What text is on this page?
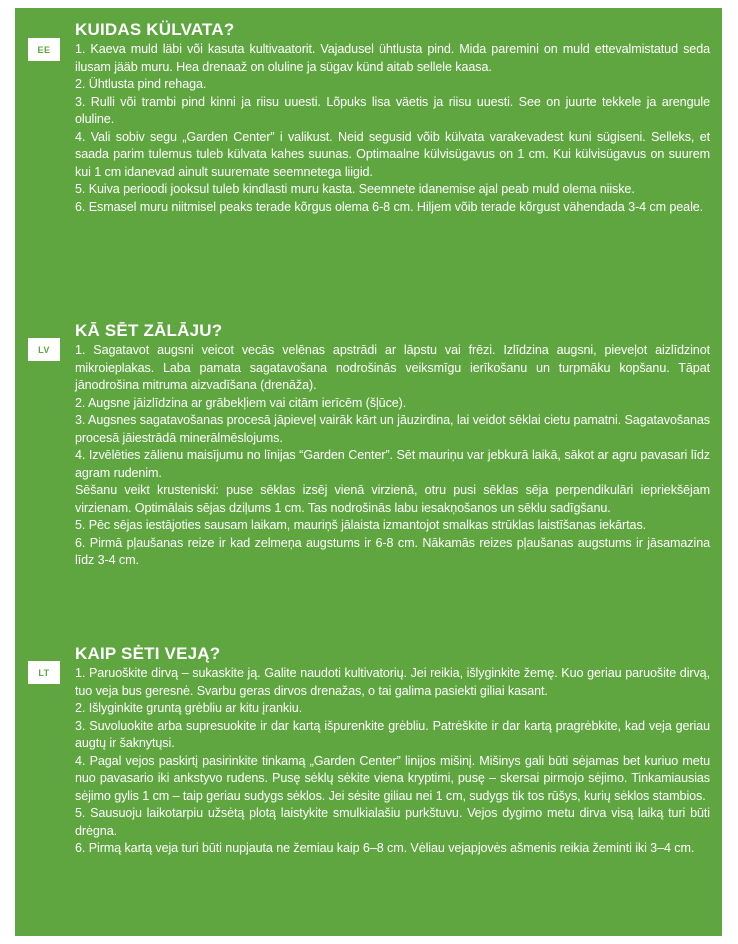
EE
KUIDAS KÜLVATA?

1. Kaeva muld läbi või kasuta kultivaatorit. Vajadusel ühtlusta pind. Mida paremini on muld ettevalmistatud seda ilusam jääb muru. Hea drenaaž on oluline ja sügav künd aitab sellele kaasa.

2. Ühtlusta pind rehaga.

3. Rulli või trambi pind kinni ja riisu uuesti. Lõpuks lisa väetis ja riisu uuesti. See on juurte tekkele ja arengule oluline.

4. Vali sobiv segu „Garden Center” i valikust. Neid segusid võib külvata varakevadest kuni sügiseni. Selleks, et saada parim tulemus tuleb külvata kahes suunas. Optimaalne külvisügavus on 1 cm. Kui külvisügavus on suurem kui 1 cm idanevad ainult suuremate seemnetega liigid.

5. Kuiva perioodi jooksul tuleb kindlasti muru kasta. Seemnete idanemise ajal peab muld olema niiske.

6. Esmasel muru niitmisel peaks terade kõrgus olema 6-8 cm. Hiljem võib terade kõrgust vähendada 3-4 cm peale.

LV
KĀ SĒT ZĀLĀJU?

1. Sagatavot augsni veicot vecās velēnas apstrādi ar lāpstu vai frēzi. Izlīdzina augsni, pieveļot aizlīdzinot mikroieplakas. Laba pamata sagatavošana nodrošinās veiksmīgu ierīkošanu un turpmāku kopšanu. Tāpat jānodrošina mitruma aizvadīšana (drenāža).

2. Augsne jāizlīdzina ar grābekļiem vai citām ierīcēm (šļūce).

3. Augsnes sagatavošanas procesā jāpieveļ vairāk kārt un jāuzirdina, lai veidot sēklai cietu pamatni. Sagatavošanas procesā jāiestrādā minerālmēslojums.

4. Izvēlēties zālienu maisījumu no līnijas “Garden Center”. Sēt mauriņu var jebkurā laikā, sākot ar agru pavasari līdz agram rudenim.

Sēšanu veikt krusteniski: puse sēklas izsēj vienā virzienā, otru pusi sēklas sēja perpendikulāri iepriekšējam virzienam. Optimālais sējas dziļums 1 cm. Tas nodrošinās labu iesakņošanos un sēklu sadīgšanu.

5. Pēc sējas iestājoties sausam laikam, mauriņš jālaista izmantojot smalkas strūklas laistīšanas iekārtas.

6. Pirmā pļaušanas reize ir kad zelmeņa augstums ir 6-8 cm. Nākamās reizes pļaušanas augstums ir jāsamazina līdz 3-4 cm.

LT
KAIP SĖTI VEJĄ?

1. Paruoškite dirvą – sukaskite ją. Galite naudoti kultivatorių. Jei reikia, išlyginkite žemę. Kuo geriau paruošite dirvą, tuo veja bus geresnė. Svarbu geras dirvos drenažas, o tai galima pasiekti giliai kasant.

2. Išlyginkite gruntą grėbliu ar kitu įrankiu.

3. Suvoluokite arba supresuokite ir dar kartą išpurenkite grėbliu. Patrėškite ir dar kartą pragrėbkite, kad veja geriau augtų ir šaknytųsi.

4. Pagal vejos paskirtį pasirinkite tinkamą „Garden Center” linijos mišinį. Mišinys gali būti sėjamas bet kuriuo metu nuo pavasario iki ankstyvo rudens. Pusę sėklų sėkite viena kryptimi, pusę – skersai pirmojo sėjimo. Tinkamiausias sėjimo gylis 1 cm – taip geriau sudygs sėklos. Jei sėsite giliau nei 1 cm, sudygs tik tos rūšys, kurių sėklos stambios.

5. Sausuoju laikotarpiu užsėtą plotą laistykite smulkialašiu purkštuvu. Vejos dygimo metu dirva visą laiką turi būti drėgna.

6. Pirmą kartą veja turi būti nupjauta ne žemiau kaip 6–8 cm. Vėliau vejapjovės ašmenis reikia žeminti iki 3–4 cm.
